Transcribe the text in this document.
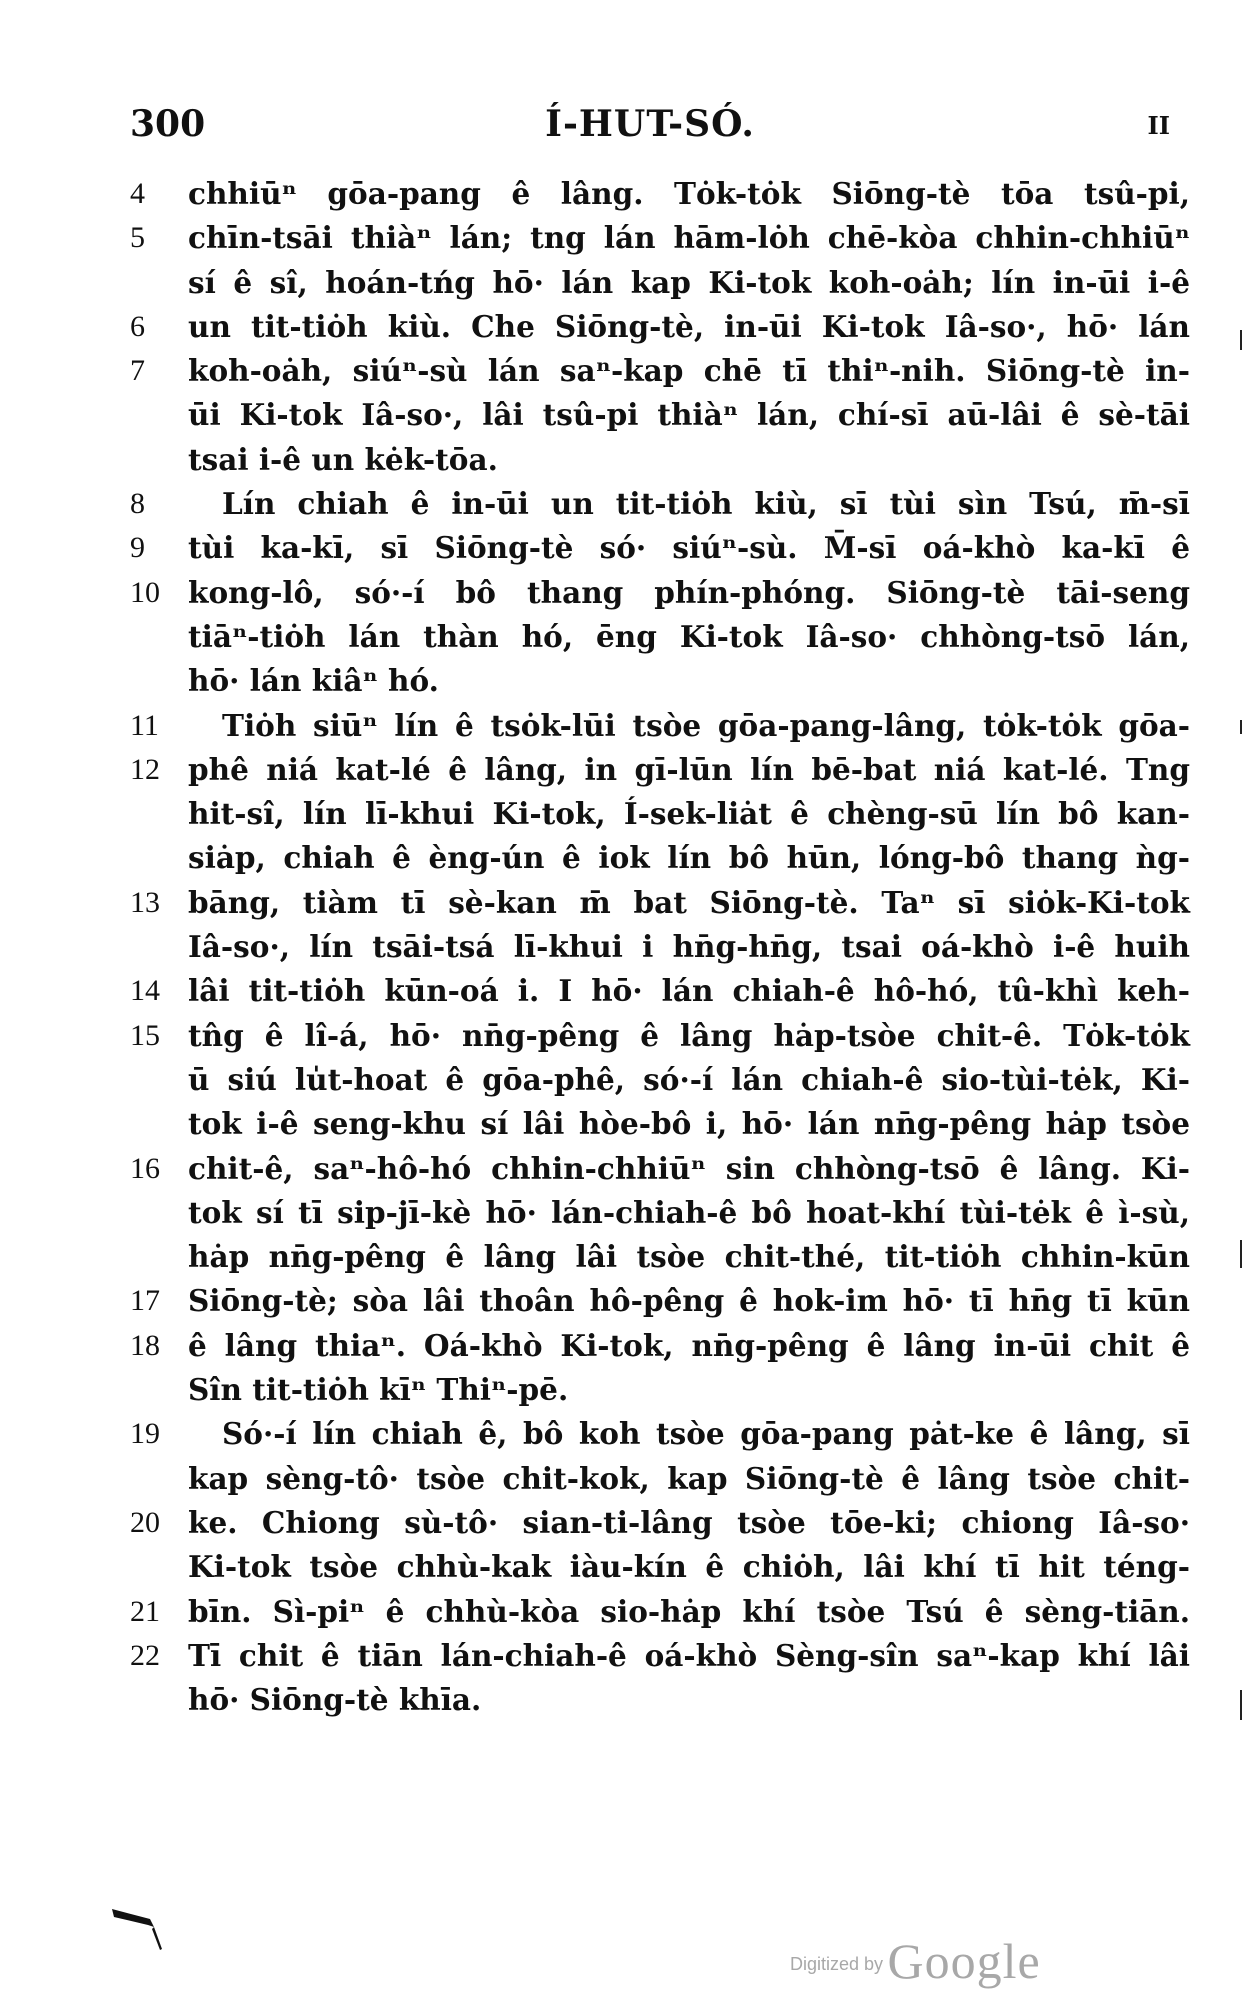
300	Í-HUT-SÓ.	II
4	chhiūⁿ gōa-pang ê lâng. Tȯk-tȯk Siōng-tè tōa tsû-pi,
5	chīn-tsāi thiàⁿ lán; tng lán hām-lȯh chē-kòa chhin-chhiūⁿ
sí ê sî, hoán-tńg hō· lán kap Ki-tok koh-oȧh; lín in-ūi i-ê
6	un tit-tiȯh kiù. Che Siōng-tè, in-ūi Ki-tok Iâ-so·, hō· lán
7	koh-oȧh, siúⁿ-sù lán saⁿ-kap chē tī thiⁿ-nih. Siōng-tè in-
ūi Ki-tok Iâ-so·, lâi tsû-pi thiàⁿ lán, chí-sī aū-lâi ê sè-tāi
tsai i-ê un kėk-tōa.
8	Lín chiah ê in-ūi un tit-tiȯh kiù, sī tùi sìn Tsú, m̄-sī
9	tùi ka-kī, sī Siōng-tè só· siúⁿ-sù. M̄-sī oá-khò ka-kī ê
10 kong-lô, só·-í bô thang phín-phóng. Siōng-tè tāi-seng
tiāⁿ-tiȯh lán thàn hó, ēng Ki-tok Iâ-so· chhòng-tsō lán,
hō· lán kiâⁿ hó.
11	Tiȯh siūⁿ lín ê tsȯk-lūi tsòe gōa-pang-lâng, tȯk-tȯk gōa-
12 phê niá kat-lé ê lâng, in gī-lūn lín bē-bat niá kat-lé. Tng
hit-sî, lín lī-khui Ki-tok, Í-sek-liȧt ê chèng-sū lín bô kan-
siȧp, chiah ê èng-ún ê iok lín bô hūn, lóng-bô thang ǹg-
13 bāng, tiàm tī sè-kan m̄ bat Siōng-tè. Taⁿ sī siȯk-Ki-tok
Iâ-so·, lín tsāi-tsá lī-khui i hn̄g-hn̄g, tsai oá-khò i-ê huih
14 lâi tit-tiȯh kūn-oá i. I hō· lán chiah-ê hô-hó, tû-khì keh-
15 tn̂g ê lî-á, hō· nn̄g-pêng ê lâng hȧp-tsòe chit-ê. Tȯk-tȯk
ū siú lu̍t-hoat ê gōa-phê, só·-í lán chiah-ê sio-tùi-tėk, Ki-
tok i-ê seng-khu sí lâi hòe-bô i, hō· lán nn̄g-pêng hȧp tsòe
16 chit-ê, saⁿ-hô-hó chhin-chhiūⁿ sin chhòng-tsō ê lâng. Ki-
tok sí tī sip-jī-kè hō· lán-chiah-ê bô hoat-khí tùi-tėk ê ì-sù,
hȧp nn̄g-pêng ê lâng lâi tsòe chit-thé, tit-tiȯh chhin-kūn
17 Siōng-tè; sòa lâi thoân hô-pêng ê hok-im hō· tī hn̄g tī kūn
18 ê lâng thiaⁿ. Oá-khò Ki-tok, nn̄g-pêng ê lâng in-ūi chit ê
Sîn tit-tiȯh kīⁿ Thiⁿ-pē.
19	Só·-í lín chiah ê, bô koh tsòe gōa-pang pȧt-ke ê lâng, sī
kap sèng-tô· tsòe chit-kok, kap Siōng-tè ê lâng tsòe chit-
20 ke. Chiong sù-tô· sian-ti-lâng tsòe tōe-ki; chiong Iâ-so·
Ki-tok tsòe chhù-kak iàu-kín ê chiȯh, lâi khí tī hit téng-
21 bīn. Sì-piⁿ ê chhù-kòa sio-hȧp khí tsòe Tsú ê sèng-tiān.
22 Tī chit ê tiān lán-chiah-ê oá-khò Sèng-sîn saⁿ-kap khí lâi
hō· Siōng-tè khīa.
Digitized by Google
